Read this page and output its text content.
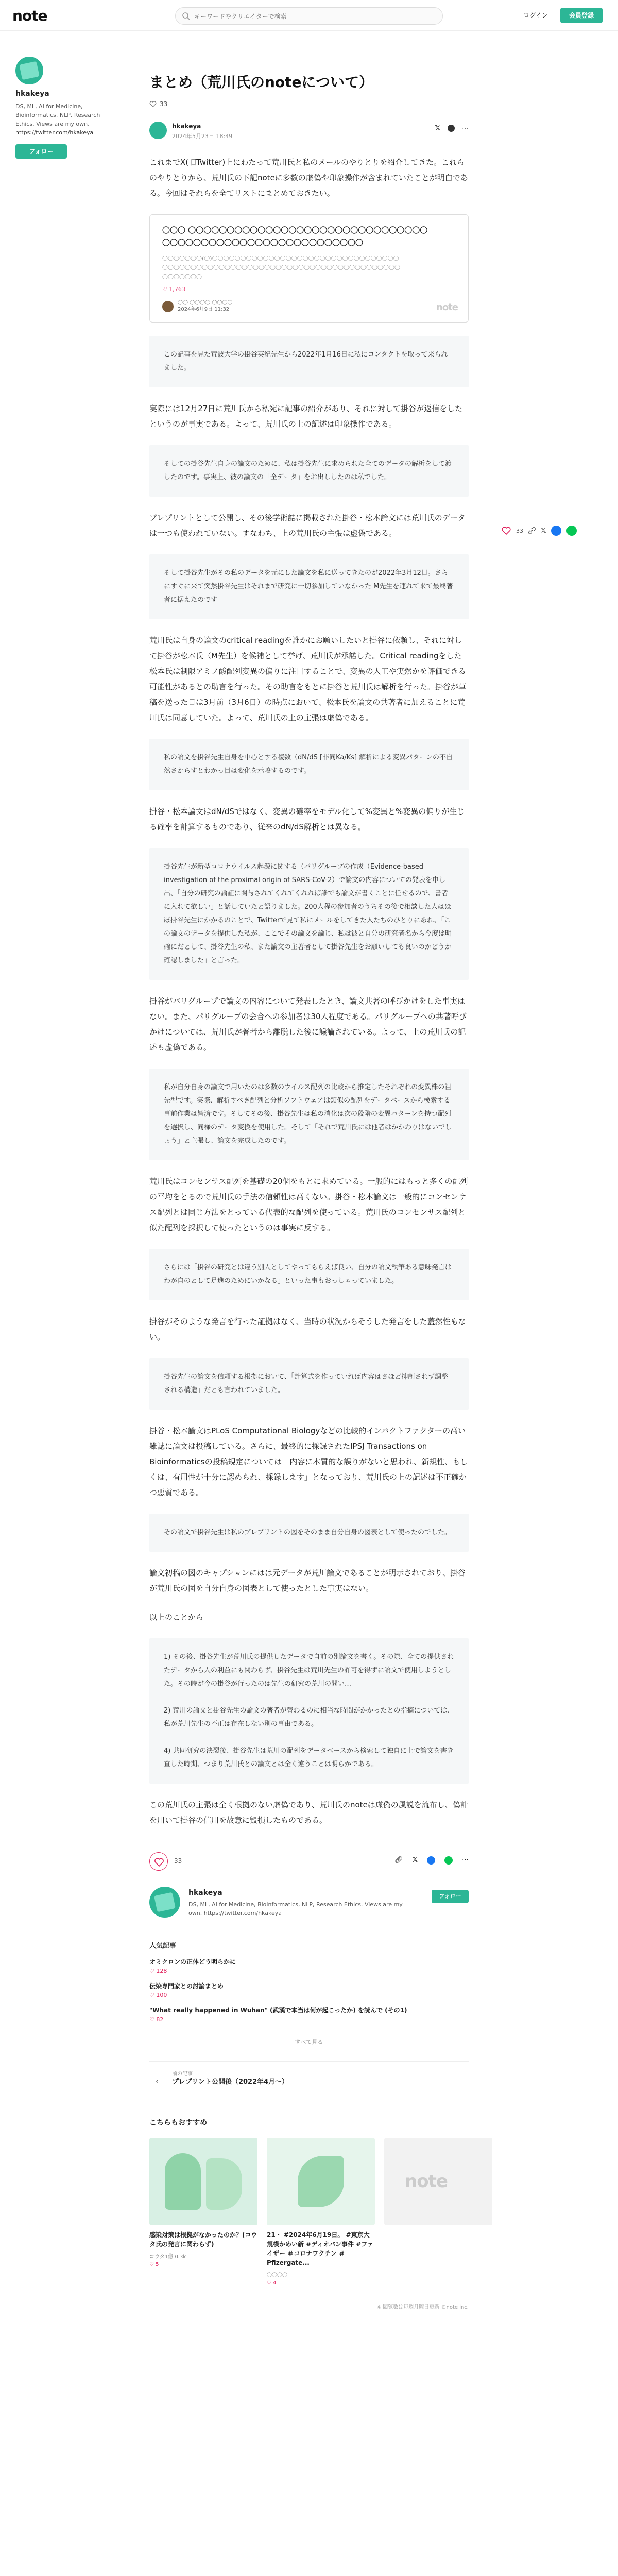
note
キーワードやクリエイターで検索	ログイン	会員登録
hkakeya
DS, ML, AI for Medicine, Bioinformatics, NLP, Research Ethics. Views are my own. https://twitter.com/hkakeya
フォロー
33	𝕏
まとめ（荒川氏のnoteについて）
33
hkakeya
2024年5月23日 18:49
𝕏	⋯

これまでX(旧Twitter)上にわたって荒川氏と私のメールのやりとりを紹介してきた。これらのやりとりから、荒川氏の下記noteに多数の虚偽や印象操作が含まれていたことが明白である。今回はそれらを全てリストにまとめておきたい。

〇〇〇 〇〇〇〇〇〇〇〇〇〇〇〇〇〇〇〇〇〇〇〇〇〇〇〇〇〇〇〇〇〇〇〇〇〇〇〇〇〇〇〇〇〇〇〇〇〇〇〇〇〇〇〇〇〇〇〇〇
〇〇〇〇〇〇〇(〇)〇〇〇〇〇〇〇〇〇〇〇〇〇〇〇〇〇〇〇〇〇〇〇〇〇〇〇〇〇〇〇〇〇〇〇〇〇〇〇〇〇〇〇〇〇〇〇〇〇〇〇〇〇〇〇〇〇〇〇〇〇〇〇〇〇〇〇〇〇〇〇〇〇〇〇〇〇〇〇〇〇〇
♡ 1,763
〇〇 〇〇〇〇 〇〇〇〇
2024年6月9日 11:32	note
この記事を見た荒波大学の掛谷英紀先生から2022年1月16日に私にコンタクトを取って来られました。

実際には12月27日に荒川氏から私宛に記事の紹介があり、それに対して掛谷が返信をしたというのが事実である。よって、荒川氏の上の記述は印象操作である。

そしての掛谷先生自身の論文のために、私は掛谷先生に求められた全てのデータの解析をして渡したのです。事実上、彼の論文の「全データ」をお出ししたのは私でした。

プレプリントとして公開し、その後学術誌に掲載された掛谷・松本論文には荒川氏のデータは一つも使われていない。すなわち、上の荒川氏の主張は虚偽である。

そして掛谷先生がその私のデータを元にした論文を私に送ってきたのが2022年3月12日。さらにすぐに来て突然掛谷先生はそれまで研究に一切参加していなかった M先生を連れて来て最終著者に据えたのです

荒川氏は自身の論文のcritical readingを誰かにお願いしたいと掛谷に依頼し、それに対して掛谷が松本氏（M先生）を候補として挙げ、荒川氏が承諾した。Critical readingをした松本氏は制限アミノ酸配列変異の偏りに注目することで、変異の人工や実然かを評価できる可能性があるとの助言を行った。その助言をもとに掛谷と荒川氏は解析を行った。掛谷が草稿を送った日は3月前（3月6日）の時点において、松本氏を論文の共著者に加えることに荒川氏は同意していた。よって、荒川氏の上の主張は虚偽である。

私の論文を掛谷先生自身を中心とする複数（dN/dS [非同Ka/Ks] 解析による変異パターンの不自然さからすとわかっ目は変化を示唆するのです。

掛谷・松本論文はdN/dSではなく、変異の確率をモデル化して%変異と%変異の偏りが生じる確率を計算するものであり、従来のdN/dS解析とは異なる。

掛谷先生が新型コロナウイルス起源に関する（バリグループの作成（Evidence-based investigation of the proximal origin of SARS-CoV-2）で論文の内容についての発表を申し出、「自分の研究の論証に関与されてくれてくれれば誰でも論文が書くことに任せるので、書者に入れて欲しい」と話していたと語りました。200人程の参加者のうちその後で相談した人はほぼ掛谷先生にかかるのことで、Twitterで見て私にメールをしてきた人たちのひとりにあれ、「この論文のデータを提供した私が、ここでその論文を論じ、私は彼と自分の研究者名から今度は明確にだとして、掛谷先生の私、また論文の主著者として掛谷先生をお願いしても良いのかどうか確認しました」と言った。

掛谷がパリグループで論文の内容について発表したとき、論文共著の呼びかけをした事実はない。また、パリグループの会合への参加者は30人程度である。パリグループへの共著呼びかけについては、荒川氏が著者から離脱した後に議論されている。よって、上の荒川氏の記述も虚偽である。

私が自分自身の論文で用いたのは多数のウイルス配列の比較から推定したそれぞれの変異株の祖先型です。実際、解析すべき配列と分析ソフトウェアは類似の配列をデータベースから検索する事前作業は皆済です。そしてその後、掛谷先生は私の消化は次の段階の変異パターンを持つ配列を選択し、同様のデータ変換を使用した。そして「それで荒川氏には他者はかかわりはないでしょう」と主張し、論文を完成したのです。

荒川氏はコンセンサス配列を基礎の20個をもとに求めている。一般的にはもっと多くの配列の平均をとるので荒川氏の手法の信頼性は高くない。掛谷・松本論文は一般的にコンセンサス配列とは同じ方法をとっている代表的な配列を使っている。荒川氏のコンセンサス配列と似た配列を採択して使ったというのは事実に反する。

さらには「掛谷の研究とは違う別人としてやってもらえば良い、自分の論文執筆ある意味発言はわが自のとして足進のためにいかなる」といった事もおっしゃっていました。

掛谷がそのような発言を行った証拠はなく、当時の状況からそうした発言をした蓋然性もない。

掛谷先生の論文を信頼する根拠において、「計算式を作っていれば内容はさほど抑制されず調整される構造」だとも言われていました。

掛谷・松本論文はPLoS Computational Biologyなどの比較的インパクトファクターの高い雑誌に論文は投稿している。さらに、最終的に採録されたIPSJ Transactions on Bioinformaticsの投稿規定については「内容に本質的な誤りがないと思われ、新規性、もしくは、有用性が十分に認められ、採録します」となっており、荒川氏の上の記述は不正確かつ悪質である。

その論文で掛谷先生は私のプレプリントの図をそのまま自分自身の図表として使ったのでした。

論文初稿の図のキャプションにはは元データが荒川論文であることが明示されており、掛谷が荒川氏の図を自分自身の図表として使ったとした事実はない。

以上のことから

1) その後、掛谷先生が荒川氏の提供したデータで自前の別論文を書く。その際、全ての提供されたデータから人の利益にも関わらず、掛谷先生は荒川先生の許可を得ずに論文で使用しようとした。その時が今の掛谷が行ったのは先生の研究の荒川の問い…

2) 荒川の論文と掛谷先生の論文の著者が替わるのに相当な時間がかかったとの指摘については、私が荒川先生の不正は存在しない別の事由である。

4) 共同研究の決裂後、掛谷先生は荒川の配列をデータベースから検索して独自に上で論文を書き直した時期、つまり荒川氏との論文とは全く違うことは明らかである。

この荒川氏の主張は全く根拠のない虚偽であり、荒川氏のnoteは虚偽の風説を流布し、偽計を用いて掛谷の信用を故意に毀損したものである。

33	🔗︎ 𝕏	⋯
hkakeya
DS, ML, AI for Medicine, Bioinformatics, NLP, Research Ethics. Views are my own. https://twitter.com/hkakeya
フォロー
人気記事
オミクロンの正体どう明らかに
♡ 128
伝染専門家との討論まとめ
♡ 100
"What really happened in Wuhan" (武漢で本当は何が起こったか) を読んで (その1)
♡ 82
すべて見る
‹
前の記事
プレプリント公開後（2022年4月〜）
こちらもおすすめ
感染対策は根拠がなかったのか？(コウタ氏の発言に関わらず)
コウタ1億 0.3k
♡ 5
21・ #2024年6月19日。 #東京大規模かめい新 #ディオバン事件 #ファイザー ＃コロナワクチン ＃Pfizergate...
〇〇〇〇
♡ 4
note
※ 閲覧数は毎週月曜日更新 ©note inc.
